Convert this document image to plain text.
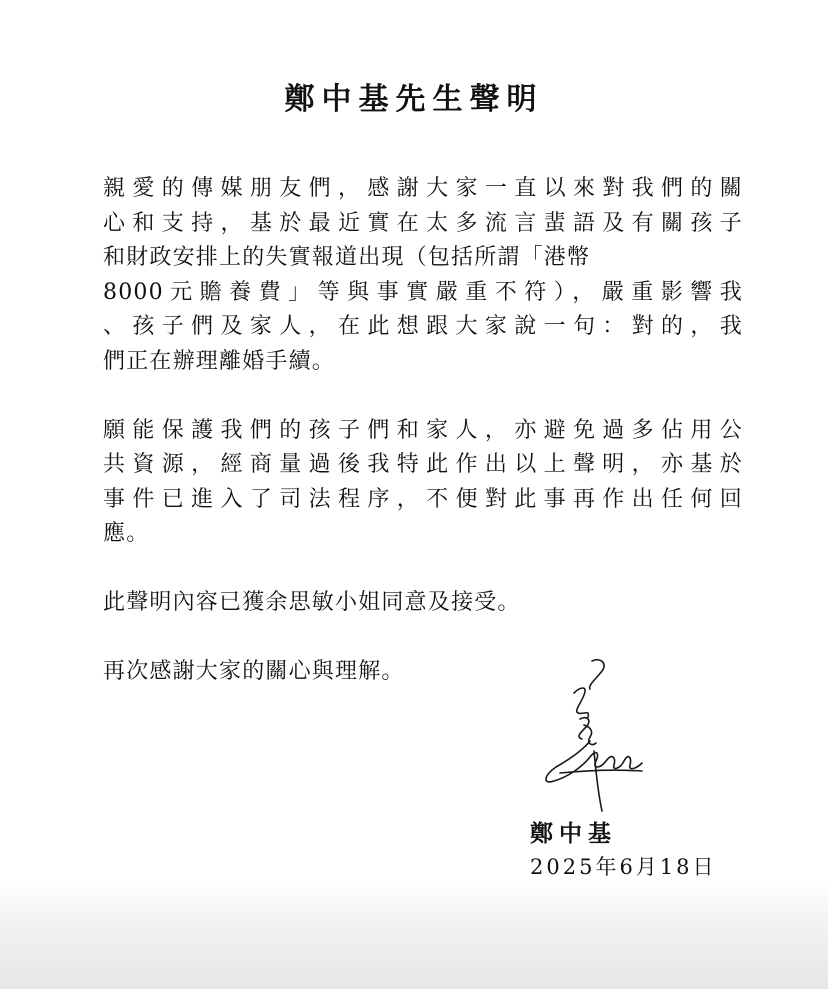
鄭中基先生聲明
親愛的傳媒朋友們，感謝大家一直以來對我們的關
心和支持，基於最近實在太多流言蜚語及有關孩子
和財政安排上的失實報道出現（包括所謂「港幣
8000元贍養費」等與事實嚴重不符），嚴重影響我
、孩子們及家人，在此想跟大家說一句：對的，我
們正在辦理離婚手續。
願能保護我們的孩子們和家人，亦避免過多佔用公
共資源，經商量過後我特此作出以上聲明，亦基於
事件已進入了司法程序，不便對此事再作出任何回
應。
此聲明內容已獲余思敏小姐同意及接受。
再次感謝大家的關心與理解。
鄭中基
2025年6月18日
